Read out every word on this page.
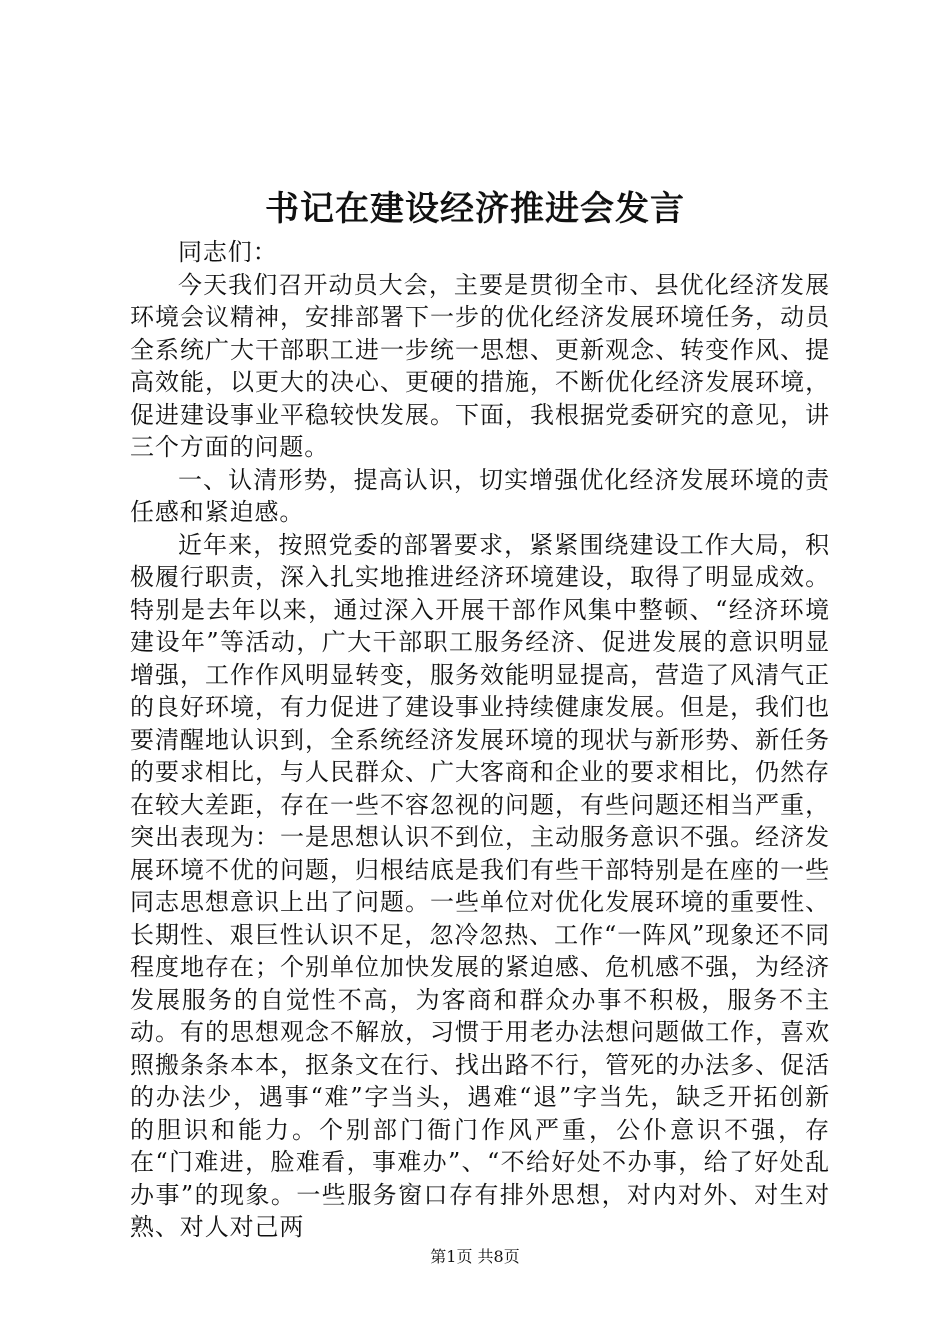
书记在建设经济推进会发言

同志们：

今天我们召开动员大会，主要是贯彻全市、县优化经济发展环境会议精神，安排部署下一步的优化经济发展环境任务，动员全系统广大干部职工进一步统一思想、更新观念、转变作风、提高效能，以更大的决心、更硬的措施，不断优化经济发展环境，促进建设事业平稳较快发展。下面，我根据党委研究的意见，讲三个方面的问题。

一、认清形势，提高认识，切实增强优化经济发展环境的责任感和紧迫感。

近年来，按照党委的部署要求，紧紧围绕建设工作大局，积极履行职责，深入扎实地推进经济环境建设，取得了明显成效。特别是去年以来，通过深入开展干部作风集中整顿、“经济环境建设年”等活动，广大干部职工服务经济、促进发展的意识明显增强，工作作风明显转变，服务效能明显提高，营造了风清气正的良好环境，有力促进了建设事业持续健康发展。但是，我们也要清醒地认识到，全系统经济发展环境的现状与新形势、新任务的要求相比，与人民群众、广大客商和企业的要求相比，仍然存在较大差距，存在一些不容忽视的问题，有些问题还相当严重，突出表现为：一是思想认识不到位，主动服务意识不强。经济发展环境不优的问题，归根结底是我们有些干部特别是在座的一些同志思想意识上出了问题。一些单位对优化发展环境的重要性、长期性、艰巨性认识不足，忽冷忽热、工作“一阵风”现象还不同程度地存在；个别单位加快发展的紧迫感、危机感不强，为经济发展服务的自觉性不高，为客商和群众办事不积极，服务不主动。有的思想观念不解放，习惯于用老办法想问题做工作，喜欢照搬条条本本，抠条文在行、找出路不行，管死的办法多、促活的办法少，遇事“难”字当头，遇难“退”字当先，缺乏开拓创新的胆识和能力。个别部门衙门作风严重，公仆意识不强，存在“门难进，脸难看，事难办”、“不给好处不办事，给了好处乱办事”的现象。一些服务窗口存有排外思想，对内对外、对生对熟、对人对己两

第1页 共8页
